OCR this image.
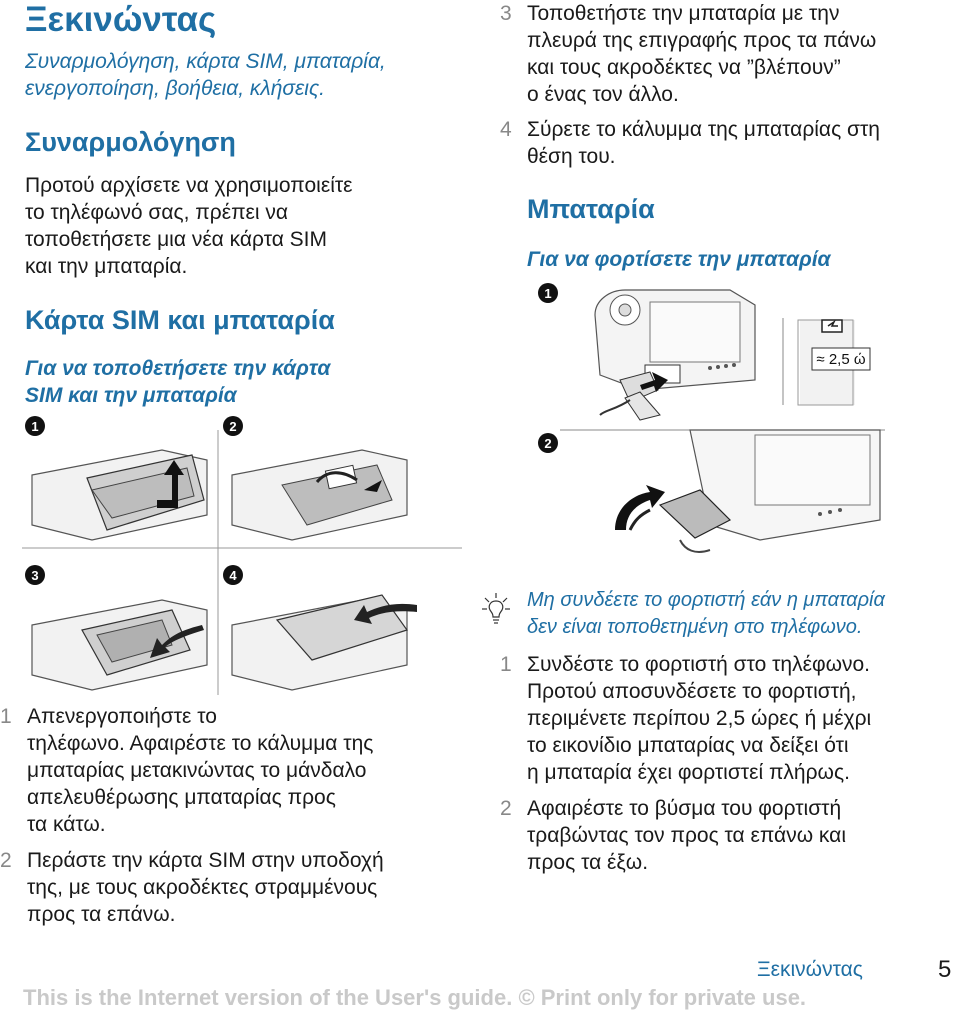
Ξεκινώντας
Συναρμολόγηση, κάρτα SIM, μπαταρία,
ενεργοποίηση, βοήθεια, κλήσεις.
Συναρμολόγηση
Προτού αρχίσετε να χρησιμοποιείτε
το τηλέφωνό σας, πρέπει να
τοποθετήσετε μια νέα κάρτα SIM
και την μπαταρία.
Κάρτα SIM και μπαταρία
Για να τοποθετήσετε την κάρτα
SIM και την μπαταρία
1	2
3	4
1 Απενεργοποιήστε το
τηλέφωνο. Αφαιρέστε το κάλυμμα της
μπαταρίας μετακινώντας το μάνδαλο
απελευθέρωσης μπαταρίας προς
τα κάτω.
2 Περάστε την κάρτα SIM στην υποδοχή
της, με τους ακροδέκτες στραμμένους
προς τα επάνω.
3 Τοποθετήστε την μπαταρία με την
πλευρά της επιγραφής προς τα πάνω
και τους ακροδέκτες να ”βλέπουν”
ο ένας τον άλλο.
4 Σύρετε το κάλυμμα της μπαταρίας στη
θέση του.
Μπαταρία
Για να φορτίσετε την μπαταρία
1
2
≈ 2,5 ώ
Μη συνδέετε το φορτιστή εάν η μπαταρία
δεν είναι τοποθετημένη στο τηλέφωνο.
1 Συνδέστε το φορτιστή στο τηλέφωνο.
Προτού αποσυνδέσετε το φορτιστή,
περιμένετε περίπου 2,5 ώρες ή μέχρι
το εικονίδιο μπαταρίας να δείξει ότι
η μπαταρία έχει φορτιστεί πλήρως.
2 Αφαιρέστε το βύσμα του φορτιστή
τραβώντας τον προς τα επάνω και
προς τα έξω.
Ξεκινώντας	5
This is the Internet version of the User's guide. © Print only for private use.
